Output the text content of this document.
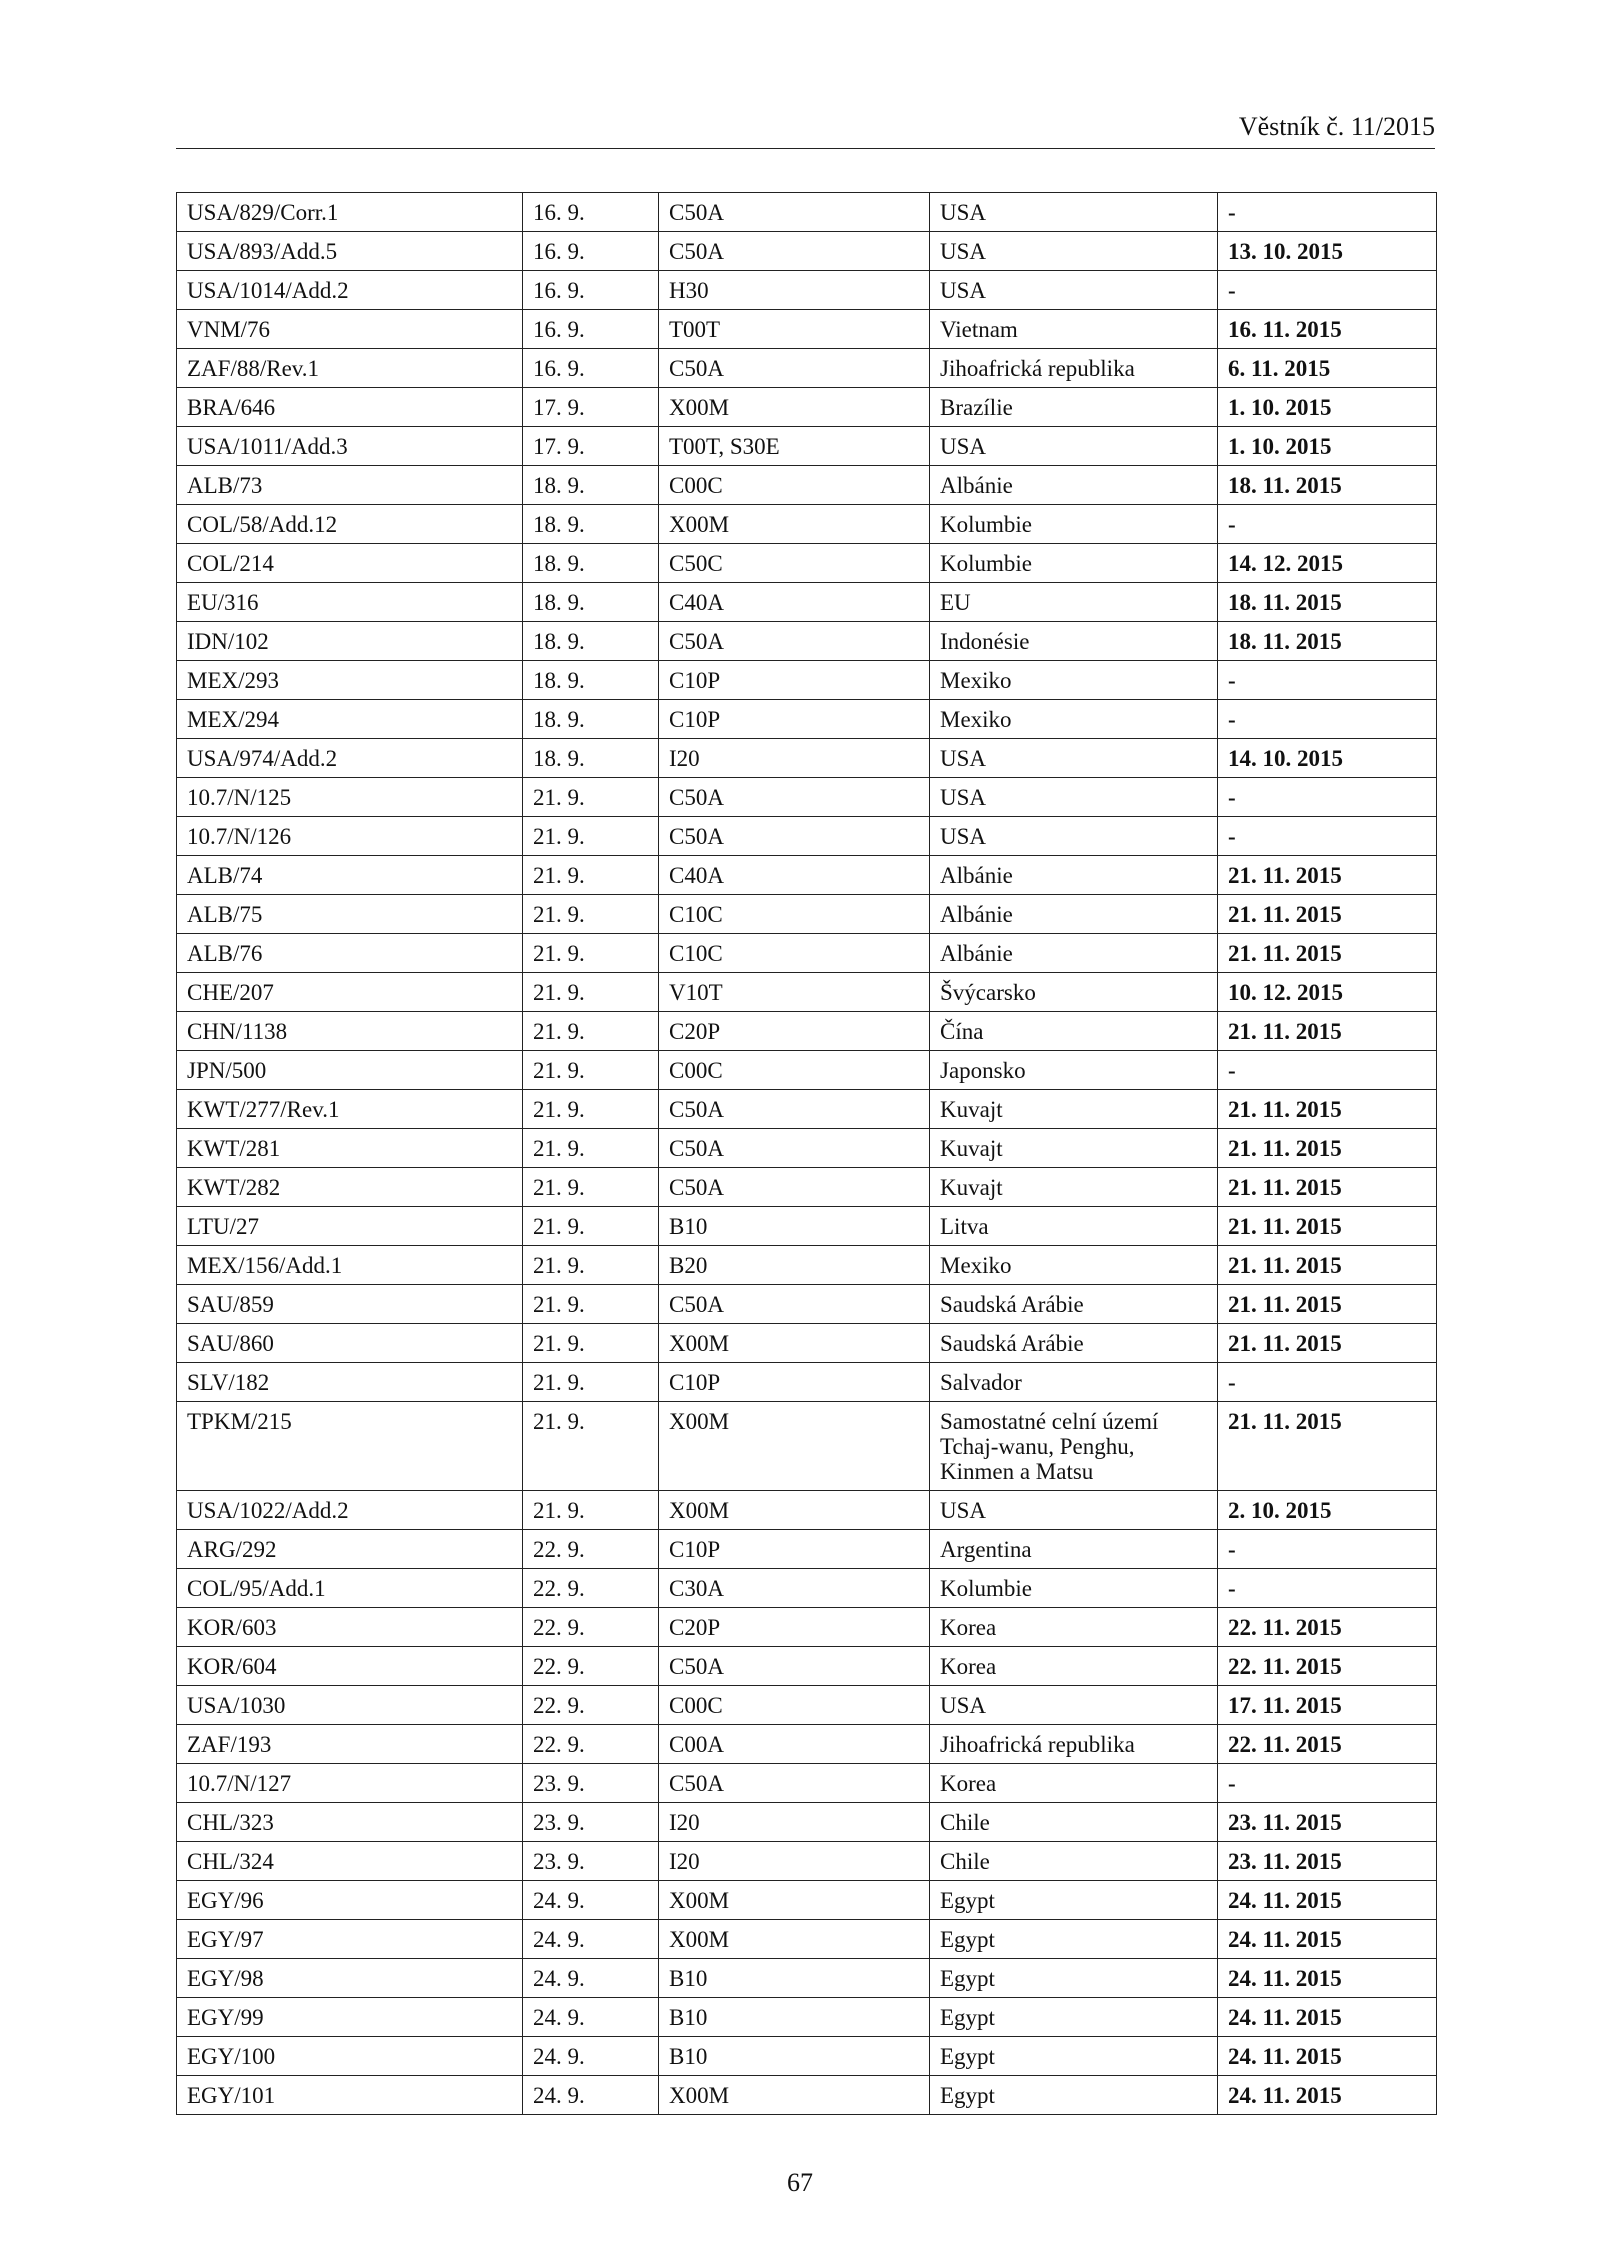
Věstník č. 11/2015
USA/829/Corr.1	16. 9.	C50A	USA	-
USA/893/Add.5	16. 9.	C50A	USA	13. 10. 2015
USA/1014/Add.2	16. 9.	H30	USA	-
VNM/76	16. 9.	T00T	Vietnam	16. 11. 2015
ZAF/88/Rev.1	16. 9.	C50A	Jihoafrická republika	6. 11. 2015
BRA/646	17. 9.	X00M	Brazílie	1. 10. 2015
USA/1011/Add.3	17. 9.	T00T, S30E	USA	1. 10. 2015
ALB/73	18. 9.	C00C	Albánie	18. 11. 2015
COL/58/Add.12	18. 9.	X00M	Kolumbie	-
COL/214	18. 9.	C50C	Kolumbie	14. 12. 2015
EU/316	18. 9.	C40A	EU	18. 11. 2015
IDN/102	18. 9.	C50A	Indonésie	18. 11. 2015
MEX/293	18. 9.	C10P	Mexiko	-
MEX/294	18. 9.	C10P	Mexiko	-
USA/974/Add.2	18. 9.	I20	USA	14. 10. 2015
10.7/N/125	21. 9.	C50A	USA	-
10.7/N/126	21. 9.	C50A	USA	-
ALB/74	21. 9.	C40A	Albánie	21. 11. 2015
ALB/75	21. 9.	C10C	Albánie	21. 11. 2015
ALB/76	21. 9.	C10C	Albánie	21. 11. 2015
CHE/207	21. 9.	V10T	Švýcarsko	10. 12. 2015
CHN/1138	21. 9.	C20P	Čína	21. 11. 2015
JPN/500	21. 9.	C00C	Japonsko	-
KWT/277/Rev.1	21. 9.	C50A	Kuvajt	21. 11. 2015
KWT/281	21. 9.	C50A	Kuvajt	21. 11. 2015
KWT/282	21. 9.	C50A	Kuvajt	21. 11. 2015
LTU/27	21. 9.	B10	Litva	21. 11. 2015
MEX/156/Add.1	21. 9.	B20	Mexiko	21. 11. 2015
SAU/859	21. 9.	C50A	Saudská Arábie	21. 11. 2015
SAU/860	21. 9.	X00M	Saudská Arábie	21. 11. 2015
SLV/182	21. 9.	C10P	Salvador	-
TPKM/215	21. 9.	X00M	Samostatné celní území
Tchaj-wanu, Penghu,
Kinmen a Matsu	21. 11. 2015
USA/1022/Add.2	21. 9.	X00M	USA	2. 10. 2015
ARG/292	22. 9.	C10P	Argentina	-
COL/95/Add.1	22. 9.	C30A	Kolumbie	-
KOR/603	22. 9.	C20P	Korea	22. 11. 2015
KOR/604	22. 9.	C50A	Korea	22. 11. 2015
USA/1030	22. 9.	C00C	USA	17. 11. 2015
ZAF/193	22. 9.	C00A	Jihoafrická republika	22. 11. 2015
10.7/N/127	23. 9.	C50A	Korea	-
CHL/323	23. 9.	I20	Chile	23. 11. 2015
CHL/324	23. 9.	I20	Chile	23. 11. 2015
EGY/96	24. 9.	X00M	Egypt	24. 11. 2015
EGY/97	24. 9.	X00M	Egypt	24. 11. 2015
EGY/98	24. 9.	B10	Egypt	24. 11. 2015
EGY/99	24. 9.	B10	Egypt	24. 11. 2015
EGY/100	24. 9.	B10	Egypt	24. 11. 2015
EGY/101	24. 9.	X00M	Egypt	24. 11. 2015
67
